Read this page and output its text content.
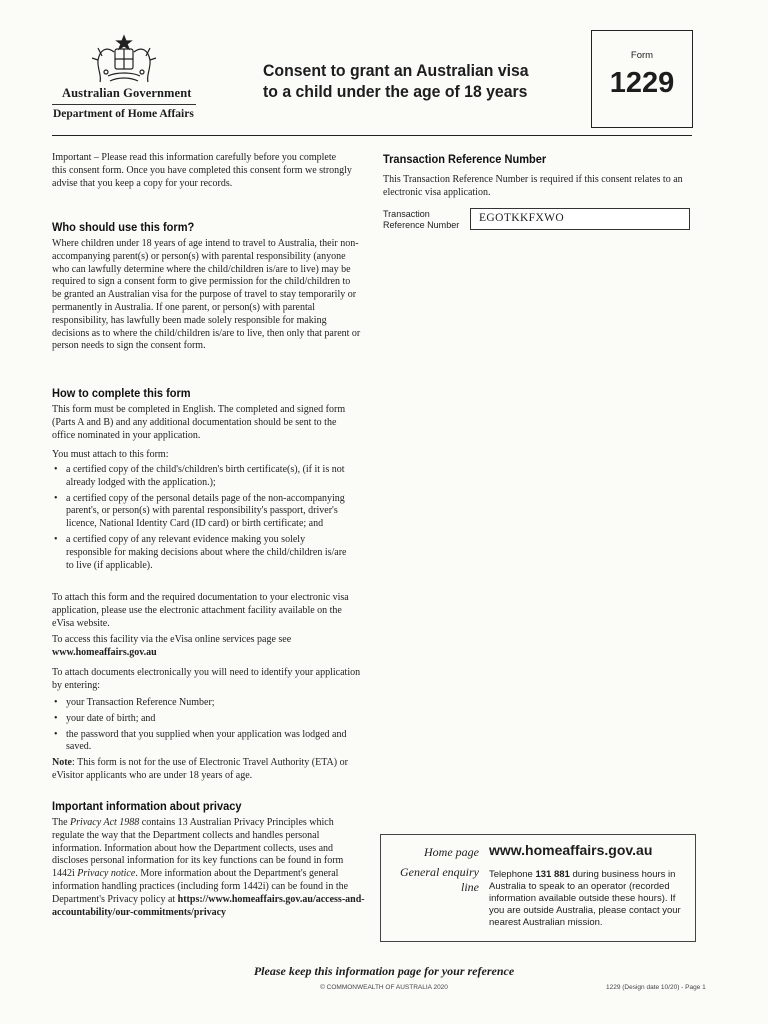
Australian Government
Department of Home Affairs
Consent to grant an Australian visa
to a child under the age of 18 years
Form
1229
Important – Please read this information carefully before you complete this consent form. Once you have completed this consent form we strongly advise that you keep a copy for your records.
Who should use this form?
Where children under 18 years of age intend to travel to Australia, their non-accompanying parent(s) or person(s) with parental responsibility (anyone who can lawfully determine where the child/children is/are to live) may be required to sign a consent form to give permission for the child/children to be granted an Australian visa for the purpose of travel to stay temporarily or permanently in Australia. If one parent, or person(s) with parental responsibility, has lawfully been made solely responsible for making decisions as to where the child/children is/are to live, then only that parent or person needs to sign the consent form.
How to complete this form
This form must be completed in English. The completed and signed form (Parts A and B) and any additional documentation should be sent to the office nominated in your application.
You must attach to this form:
• a certified copy of the child's/children's birth certificate(s), (if it is not already lodged with the application.);
• a certified copy of the personal details page of the non-accompanying parent's, or person(s) with parental responsibility's passport, driver's licence, National Identity Card (ID card) or birth certificate; and
• a certified copy of any relevant evidence making you solely responsible for making decisions about where the child/children is/are to live (if applicable).
To attach this form and the required documentation to your electronic visa application, please use the electronic attachment facility available on the eVisa website.
To access this facility via the eVisa online services page see
www.homeaffairs.gov.au
To attach documents electronically you will need to identify your application by entering:
• your Transaction Reference Number;
• your date of birth; and
• the password that you supplied when your application was lodged and saved.
Note: This form is not for the use of Electronic Travel Authority (ETA) or eVisitor applicants who are under 18 years of age.
Important information about privacy
The Privacy Act 1988 contains 13 Australian Privacy Principles which regulate the way that the Department collects and handles personal information. Information about how the Department collects, uses and discloses personal information for its key functions can be found in form 1442i Privacy notice. More information about the Department's general information handling practices (including form 1442i) can be found in the Department's Privacy policy at https://www.homeaffairs.gov.au/access-and-accountability/our-commitments/privacy
Transaction Reference Number
This Transaction Reference Number is required if this consent relates to an electronic visa application.
Transaction Reference Number
EGOTKKFXWO
Home page www.homeaffairs.gov.au
General enquiry line
Telephone 131 881 during business hours in Australia to speak to an operator (recorded information available outside these hours). If you are outside Australia, please contact your nearest Australian mission.
Please keep this information page for your reference
© COMMONWEALTH OF AUSTRALIA 2020	1229 (Design date 10/20) - Page 1
